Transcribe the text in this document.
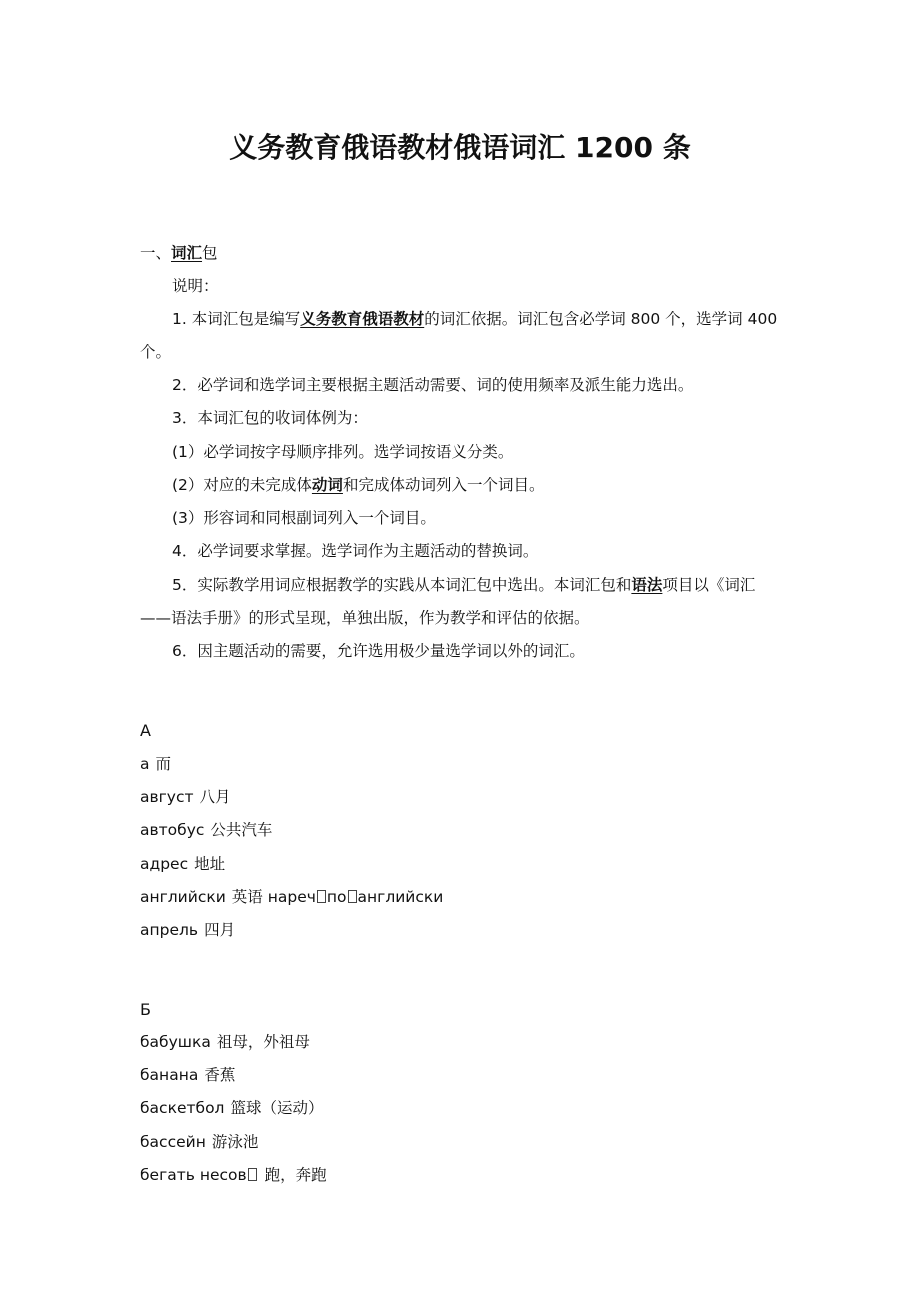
义务教育俄语教材俄语词汇 1200 条
一、词汇包
说明：
1. 本词汇包是编写义务教育俄语教材的词汇依据。词汇包含必学词 800 个，选学词 400
个。
2．必学词和选学词主要根据主题活动需要、词的使用频率及派生能力选出。
3．本词汇包的收词体例为：
(1）必学词按字母顺序排列。选学词按语义分类。
(2）对应的未完成体动词和完成体动词列入一个词目。
(3）形容词和同根副词列入一个词目。
4．必学词要求掌握。选学词作为主题活动的替换词。
5．实际教学用词应根据教学的实践从本词汇包中选出。本词汇包和语法项目以《词汇
——语法手册》的形式呈现，单独出版，作为教学和评估的依据。
6．因主题活动的需要，允许选用极少量选学词以外的词汇。
А
а 而
август 八月
автобус 公共汽车
адрес 地址
английски 英语 нареч по английски
апрель 四月
Б
бабушка 祖母，外祖母
банана 香蕉
баскетбол 篮球（运动）
бассейн 游泳池
бегать несов 跑，奔跑
